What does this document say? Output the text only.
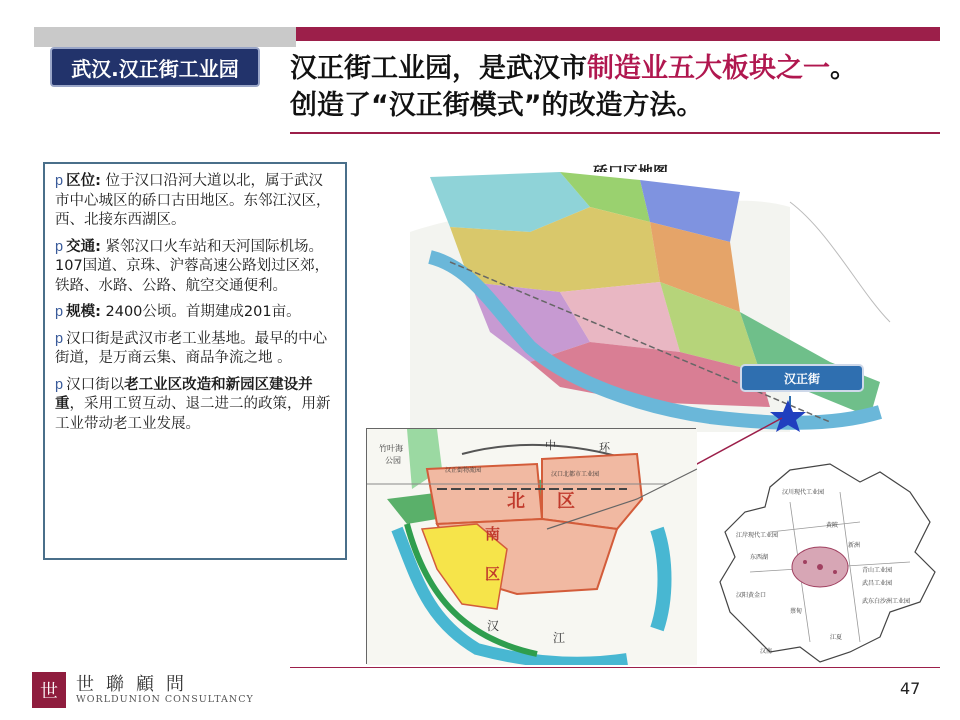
武汉.汉正街工业园 汉正街工业园，是武汉市制造业五大板块之一。
创造了“汉正街模式”的改造方法。

p 区位: 位于汉口沿河大道以北，属于武汉市中心城区的硚口古田地区。东邻江汉区，西、北接东西湖区。

p 交通: 紧邻汉口火车站和天河国际机场。107国道、京珠、沪蓉高速公路划过区郊，铁路、水路、公路、航空交通便利。

p 规模: 2400公顷。首期建成201亩。

p 汉口街是武汉市老工业基地。最早的中心街道，是万商云集、商品争流之地 。

p 汉口街以老工业区改造和新园区建设并重，采用工贸互动、退二进二的政策，用新工业带动老工业发展。

汉正街
中	环
竹叶海
公园
汉正街物流园
汉口北都市工业园
北 区
南
区
汉
江
汉川现代工业园
江岸现代工业园
东西湖
新洲
青山工业园
武昌工业园
汉阳黄金口
蔡甸
江夏
武东白沙洲工业园
黄陂
汉南
世	世聯顧問
WORLDUNION CONSULTANCY
47
